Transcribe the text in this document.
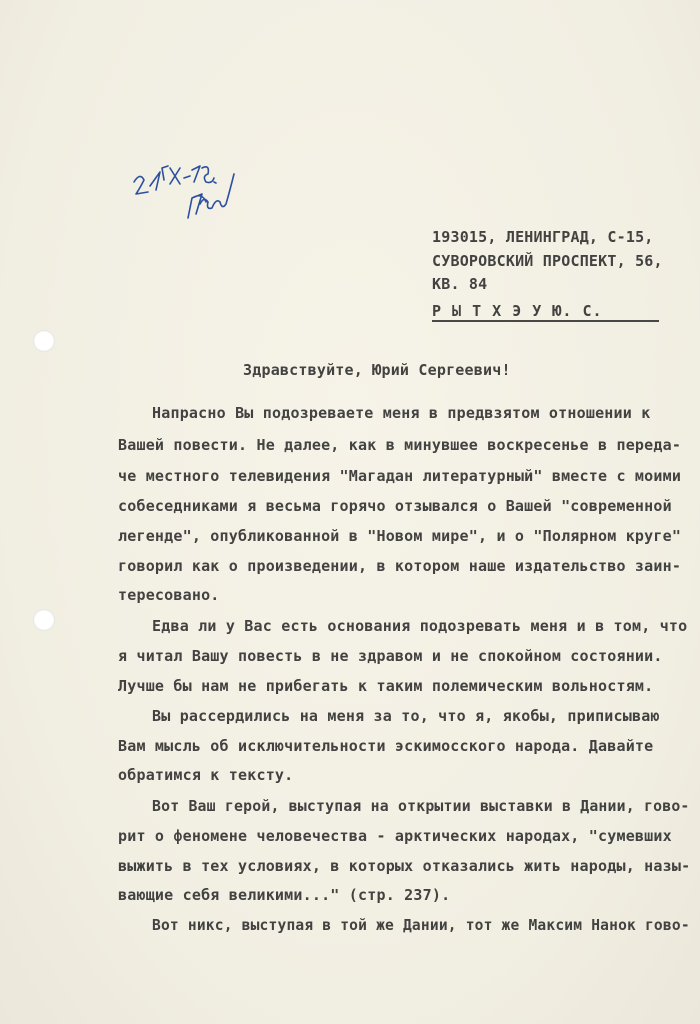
193015, ЛЕНИНГРАД, С-15,
СУВОРОВСКИЙ ПРОСПЕКТ, 56,
КВ. 84
Р Ы Т Х Э У Ю. С.
Здравствуйте, Юрий Сергеевич!
Напрасно Вы подозреваете меня в предвзятом отношении к
Вашей повести. Не далее, как в минувшее воскресенье в переда-
че местного телевидения "Магадан литературный" вместе с моими
собеседниками я весьма горячо отзывался о Вашей "современной
легенде", опубликованной в "Новом мире", и о "Полярном круге"
говорил как о произведении, в котором наше издательство заин-
тересовано.
Едва ли у Вас есть основания подозревать меня и в том, что
я читал Вашу повесть в не здравом и не спокойном состоянии.
Лучше бы нам не прибегать к таким полемическим вольностям.
Вы рассердились на меня за то, что я, якобы, приписываю
Вам мысль об исключительности эскимосского народа. Давайте
обратимся к тексту.
Вот Ваш герой, выступая на открытии выставки в Дании, гово-
рит о феномене человечества - арктических народах, "сумевших
выжить в тех условиях, в которых отказались жить народы, назы-
вающие себя великими..." (стр. 237).
Вот никс, выступая в той же Дании, тот же Максим Нанок гово-
